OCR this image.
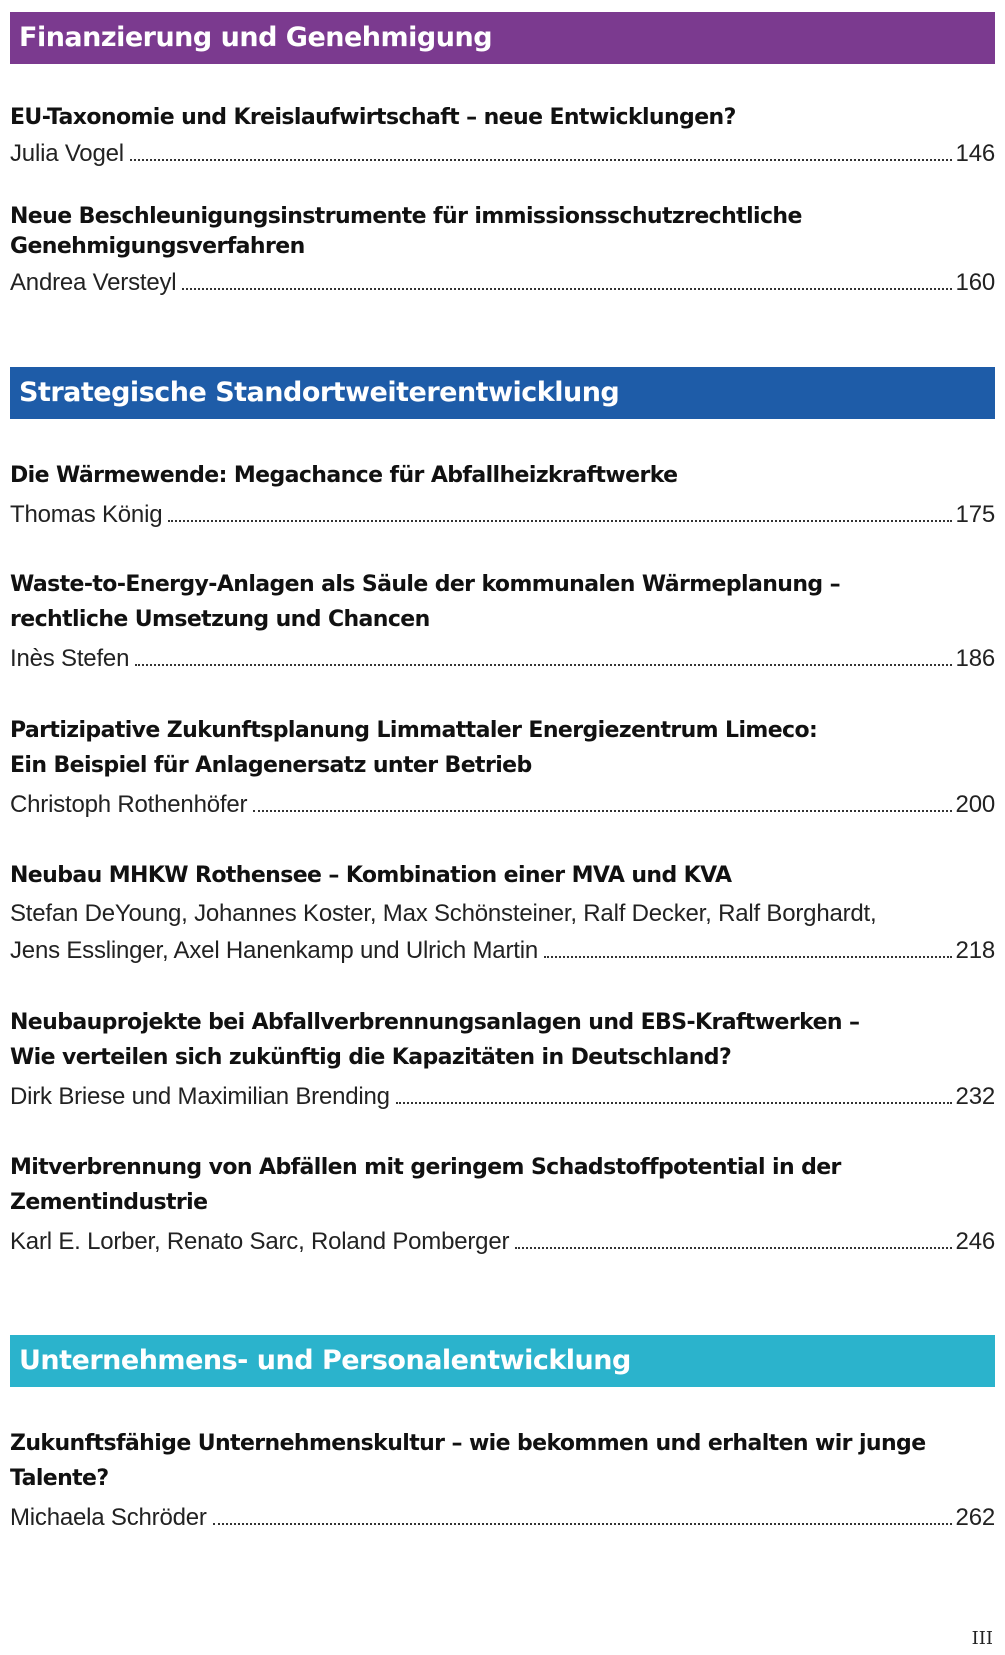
Finanzierung und Genehmigung
EU-Taxonomie und Kreislaufwirtschaft – neue Entwicklungen?
Julia Vogel	146
Neue Beschleunigungsinstrumente für immissionsschutzrechtliche
Genehmigungsverfahren
Andrea Versteyl	160
Strategische Standortweiterentwicklung
Die Wärmewende: Megachance für Abfallheizkraftwerke
Thomas König	175
Waste-to-Energy-Anlagen als Säule der kommunalen Wärmeplanung –
rechtliche Umsetzung und Chancen
Inès Stefen	186
Partizipative Zukunftsplanung Limmattaler Energiezentrum Limeco:
Ein Beispiel für Anlagenersatz unter Betrieb
Christoph Rothenhöfer	200
Neubau MHKW Rothensee – Kombination einer MVA und KVA
Stefan DeYoung, Johannes Koster, Max Schönsteiner, Ralf Decker, Ralf Borghardt,
Jens Esslinger, Axel Hanenkamp und Ulrich Martin	218
Neubauprojekte bei Abfallverbrennungsanlagen und EBS-Kraftwerken –
Wie verteilen sich zukünftig die Kapazitäten in Deutschland?
Dirk Briese und Maximilian Brending	232
Mitverbrennung von Abfällen mit geringem Schadstoffpotential in der Zementindustrie
Karl E. Lorber, Renato Sarc, Roland Pomberger	246
Unternehmens- und Personalentwicklung
Zukunftsfähige Unternehmenskultur – wie bekommen und erhalten wir junge Talente?
Michaela Schröder	262
III
